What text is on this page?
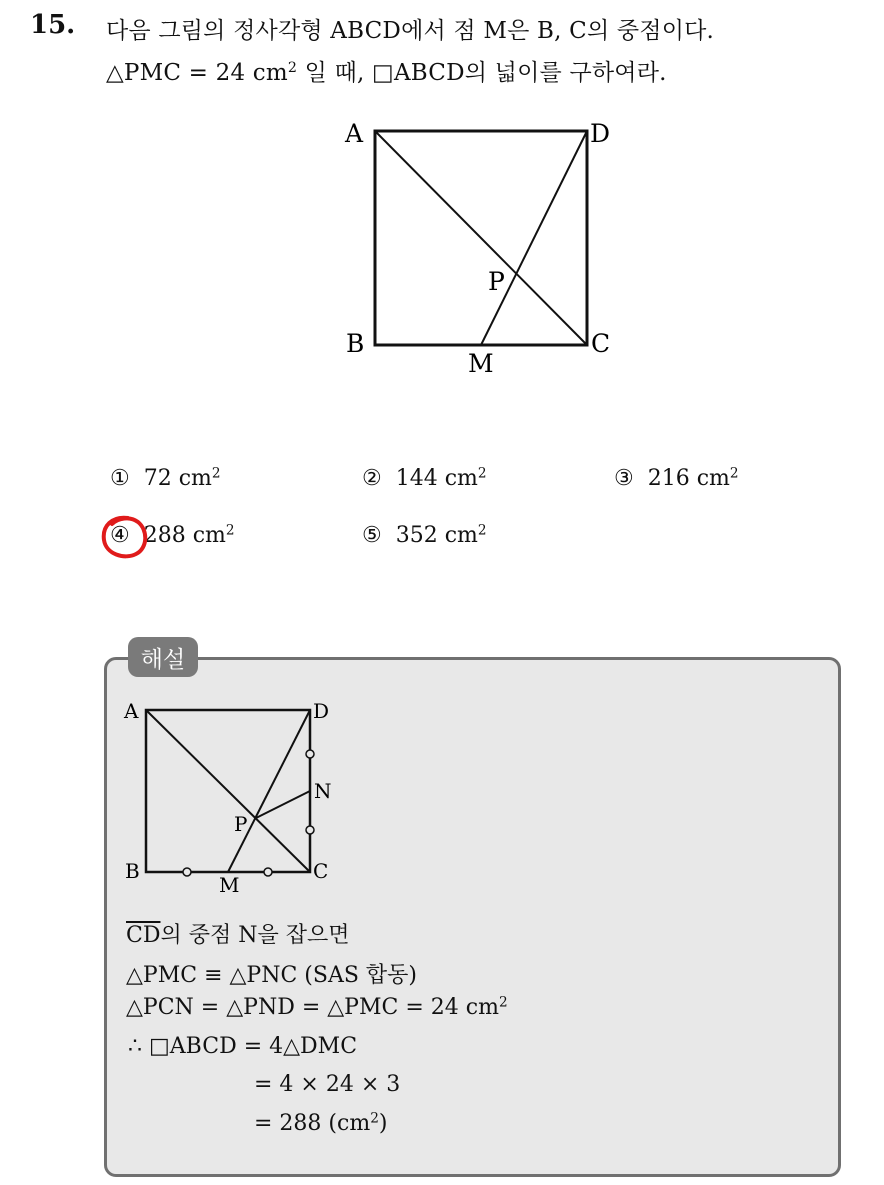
15. 다음 그림의 정사각형 ABCD에서 점 M은 B, C의 중점이다.
△PMC = 24 $cm^2$ 일 때, □ABCD의 넓이를 구하여라.
A	D
B	C
M
P
① 72 $cm^2$	② 144 $cm^2$	③ 216 $cm^2$
④ 288 $cm^2$	⑤ 352 $cm^2$
해설
A	D
N
P
B	C
M
$\overline{CD}$의 중점 N을 잡으면
△PMC ≡ △PNC (SAS 합동)
△PCN = △PND = △PMC = 24 $cm^2$
∴ □ABCD = 4△DMC
= 4 × 24 × 3
= 288 $(cm^2)$
